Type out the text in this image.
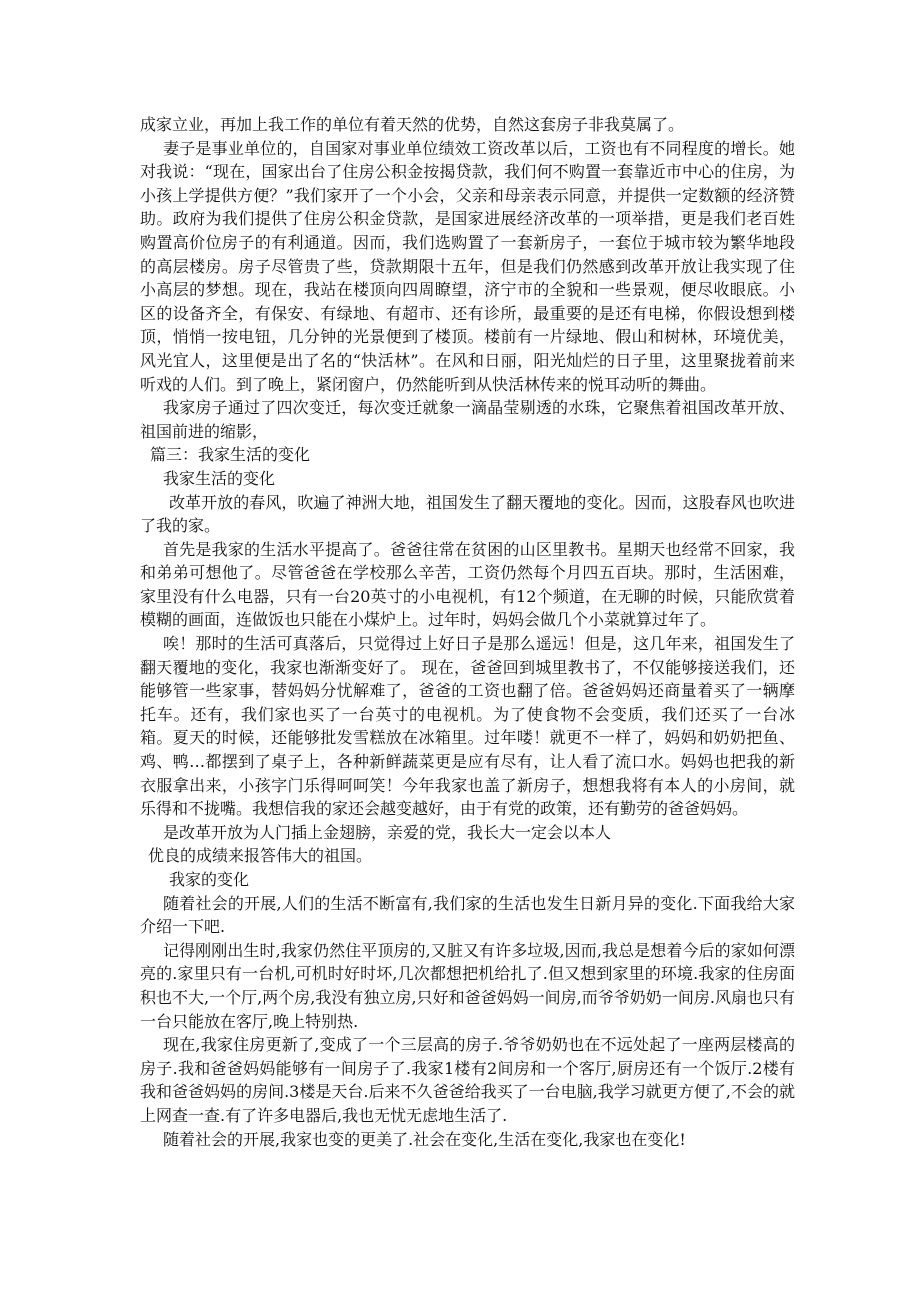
成家立业，再加上我工作的单位有着天然的优势，自然这套房子非我莫属了。

妻子是事业单位的，自国家对事业单位绩效工资改革以后，工资也有不同程度的增长。她对我说：“现在，国家出台了住房公积金按揭贷款，我们何不购置一套靠近市中心的住房，为小孩上学提供方便？”我们家开了一个小会，父亲和母亲表示同意，并提供一定数额的经济赞助。政府为我们提供了住房公积金贷款，是国家进展经济改革的一项举措，更是我们老百姓购置高价位房子的有利通道。因而，我们选购置了一套新房子，一套位于城市较为繁华地段的高层楼房。房子尽管贵了些，贷款期限十五年，但是我们仍然感到改革开放让我实现了住小高层的梦想。现在，我站在楼顶向四周瞭望，济宁市的全貌和一些景观，便尽收眼底。小区的设备齐全，有保安、有绿地、有超市、还有诊所，最重要的是还有电梯，你假设想到楼顶，悄悄一按电钮，几分钟的光景便到了楼顶。楼前有一片绿地、假山和树林，环境优美，风光宜人，这里便是出了名的“快活林”。在风和日丽，阳光灿烂的日子里，这里聚拢着前来听戏的人们。到了晚上，紧闭窗户，仍然能听到从快活林传来的悦耳动听的舞曲。

我家房子通过了四次变迁，每次变迁就象一滴晶莹剔透的水珠，它聚焦着祖国改革开放、祖国前进的缩影，

篇三：我家生活的变化

我家生活的变化

改革开放的春风，吹遍了神洲大地，祖国发生了翻天覆地的变化。因而，这股春风也吹进了我的家。

首先是我家的生活水平提高了。爸爸往常在贫困的山区里教书。星期天也经常不回家，我和弟弟可想他了。尽管爸爸在学校那么辛苦，工资仍然每个月四五百块。那时，生活困难，家里没有什么电器，只有一台20英寸的小电视机，有12个频道，在无聊的时候，只能欣赏着模糊的画面，连做饭也只能在小煤炉上。过年时，妈妈会做几个小菜就算过年了。

唉！那时的生活可真落后，只觉得过上好日子是那么遥远！但是，这几年来，祖国发生了翻天覆地的变化，我家也渐渐变好了。 现在，爸爸回到城里教书了，不仅能够接送我们，还能够管一些家事，替妈妈分忧解难了，爸爸的工资也翻了倍。爸爸妈妈还商量着买了一辆摩托车。还有，我们家也买了一台英寸的电视机。为了使食物不会变质，我们还买了一台冰箱。夏天的时候，还能够批发雪糕放在冰箱里。过年喽！就更不一样了，妈妈和奶奶把鱼、鸡、鸭…都摆到了桌子上，各种新鲜蔬菜更是应有尽有，让人看了流口水。妈妈也把我的新衣服拿出来，小孩字门乐得呵呵笑！今年我家也盖了新房子，想想我将有本人的小房间，就乐得和不拢嘴。我想信我的家还会越变越好，由于有党的政策，还有勤劳的爸爸妈妈。

是改革开放为人门插上金翅膀，亲爱的党，我长大一定会以本人

优良的成绩来报答伟大的祖国。

我家的变化

随着社会的开展,人们的生活不断富有,我们家的生活也发生日新月异的变化.下面我给大家介绍一下吧.

记得刚刚出生时,我家仍然住平顶房的,又脏又有许多垃圾,因而,我总是想着今后的家如何漂亮的.家里只有一台机,可机时好时坏,几次都想把机给扎了.但又想到家里的环境.我家的住房面积也不大,一个厅,两个房,我没有独立房,只好和爸爸妈妈一间房,而爷爷奶奶一间房.风扇也只有一台只能放在客厅,晚上特别热.

现在,我家住房更新了,变成了一个三层高的房子.爷爷奶奶也在不远处起了一座两层楼高的房子.我和爸爸妈妈能够有一间房子了.我家1楼有2间房和一个客厅,厨房还有一个饭厅.2楼有我和爸爸妈妈的房间.3楼是天台.后来不久爸爸给我买了一台电脑,我学习就更方便了,不会的就上网查一查.有了许多电器后,我也无忧无虑地生活了.

随着社会的开展,我家也变的更美了.社会在变化,生活在变化,我家也在变化!
